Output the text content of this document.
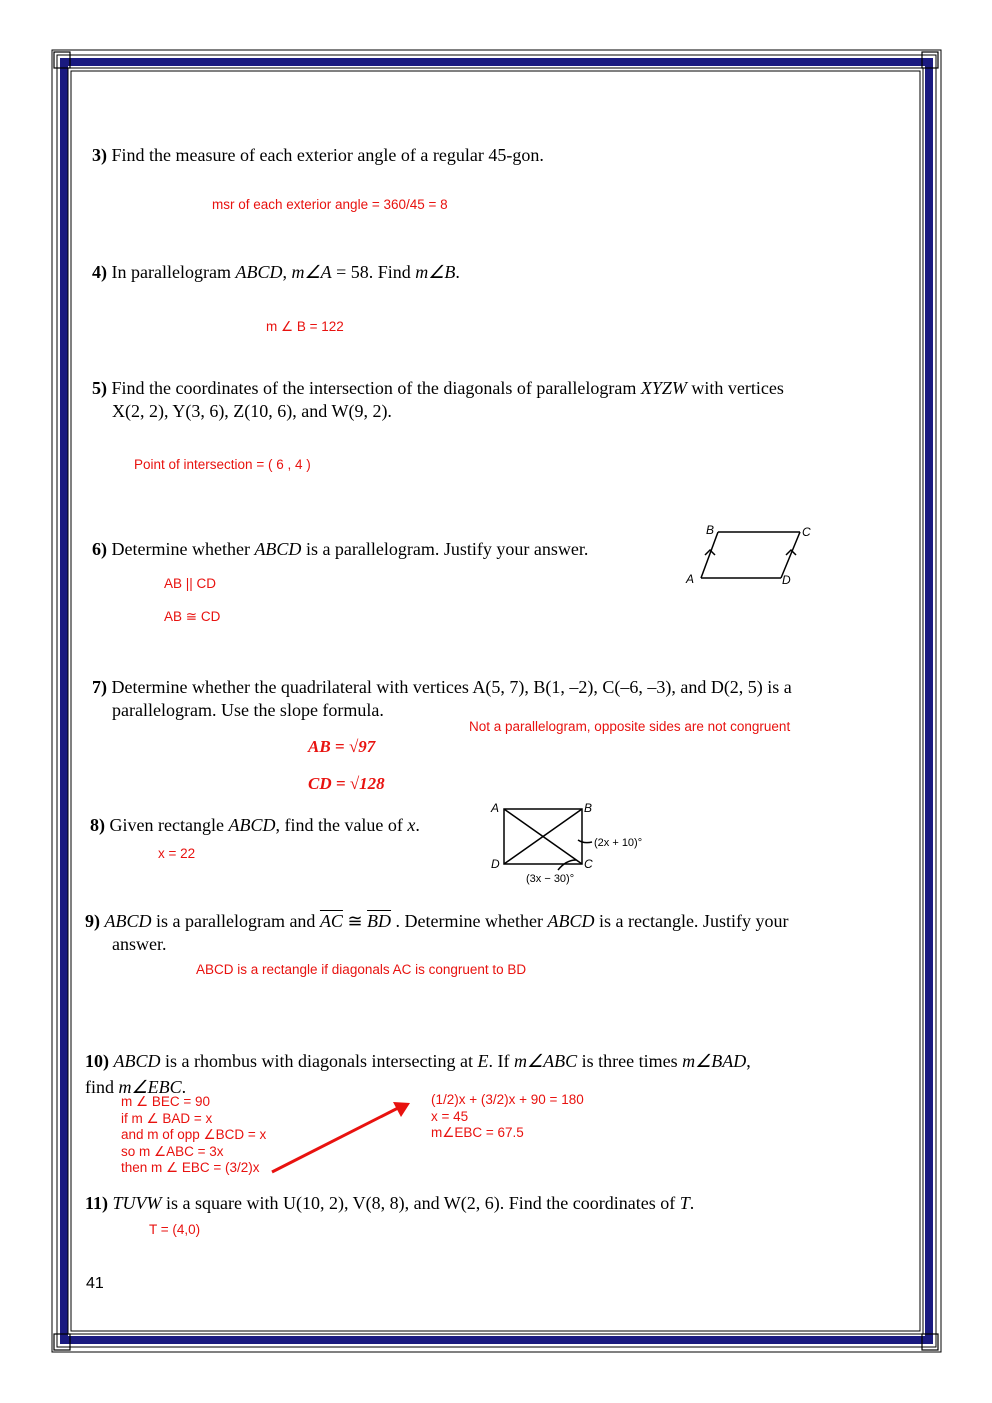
3) Find the measure of each exterior angle of a regular 45-gon.
msr of each exterior angle = 360/45 = 8
4) In parallelogram ABCD, m∠A = 58. Find m∠B.
m ∠ B = 122
5) Find the coordinates of the intersection of the diagonals of parallelogram XYZW with vertices
X(2, 2), Y(3, 6), Z(10, 6), and W(9, 2).
Point of intersection = ( 6 , 4 )
6) Determine whether ABCD is a parallelogram. Justify your answer.
AB || CD
AB ≅ CD
A
B	C
D
7) Determine whether the quadrilateral with vertices A(5, 7), B(1, –2), C(–6, –3), and D(2, 5) is a
parallelogram. Use the slope formula.
Not a parallelogram, opposite sides are not congruent
AB = √97
CD = √128
8) Given rectangle ABCD, find the value of x.
x = 22
A	B
C
D
(2x + 10)°
(3x − 30)°
9) ABCD is a parallelogram and $\overline{AC}$ ≅ $\overline{BD}$ . Determine whether ABCD is a rectangle. Justify your
answer.
ABCD is a rectangle if diagonals AC is congruent to BD
10) ABCD is a rhombus with diagonals intersecting at E. If m∠ABC is three times m∠BAD,
find m∠EBC.
m ∠ BEC = 90
if m ∠ BAD = x
and m of opp ∠BCD = x
so m ∠ABC = 3x
then m ∠ EBC = (3/2)x
(1/2)x + (3/2)x + 90 = 180
x = 45
m∠EBC = 67.5
11) TUVW is a square with U(10, 2), V(8, 8), and W(2, 6). Find the coordinates of T.
T = (4,0)
41
